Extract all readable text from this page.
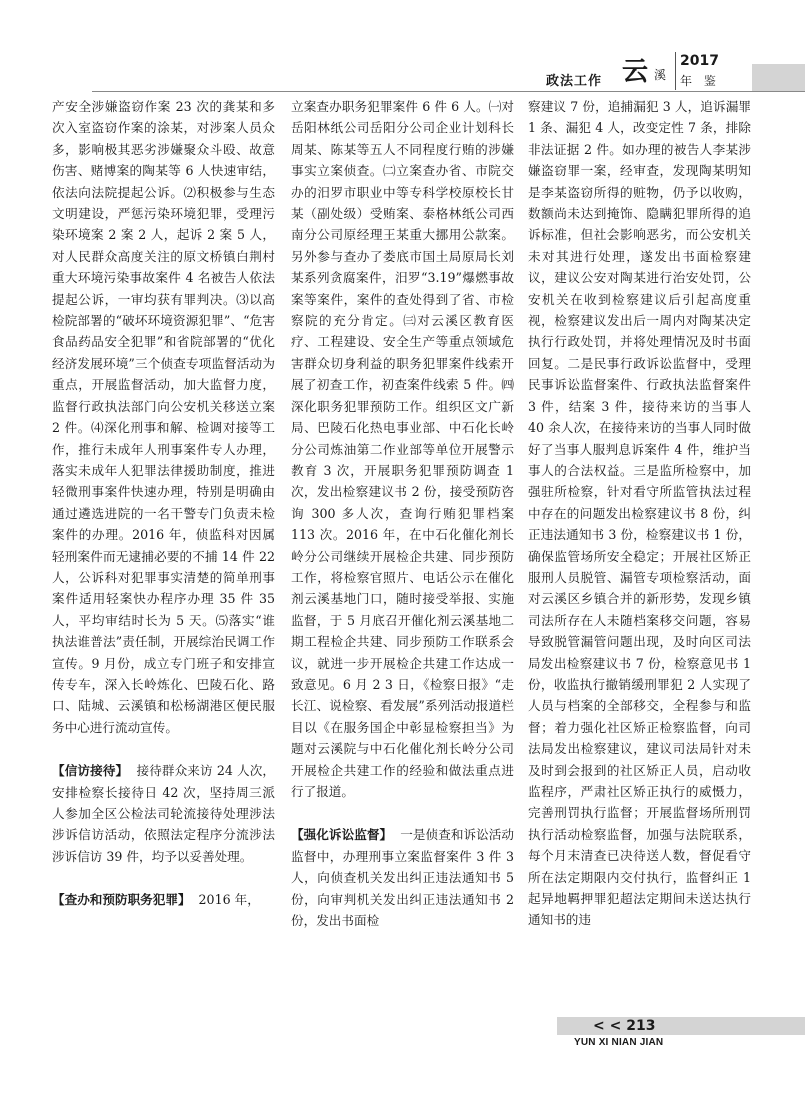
政法工作 云 溪
2017
年 鉴

产安全涉嫌盗窃作案 23 次的龚某和多次入室盗窃作案的涂某，对涉案人员众多，影响极其恶劣涉嫌聚众斗殴、故意伤害、赌博案的陶某等 6 人快速审结，依法向法院提起公诉。⑵积极参与生态文明建设，严惩污染环境犯罪，受理污染环境案 2 案 2 人，起诉 2 案 5 人，对人民群众高度关注的原文桥镇白荆村重大环境污染事故案件 4 名被告人依法提起公诉，一审均获有罪判决。⑶以高检院部署的“破坏环境资源犯罪”、“危害食品药品安全犯罪”和省院部署的“优化经济发展环境”三个侦查专项监督活动为重点，开展监督活动，加大监督力度，监督行政执法部门向公安机关移送立案 2 件。⑷深化刑事和解、检调对接等工作，推行未成年人刑事案件专人办理，落实未成年人犯罪法律援助制度，推进轻微刑事案件快速办理，特别是明确由通过遴选进院的一名干警专门负责未检案件的办理。2016 年，侦监科对因属轻刑案件而无逮捕必要的不捕 14 件 22 人，公诉科对犯罪事实清楚的简单刑事案件适用轻案快办程序办理 35 件 35 人，平均审结时长为 5 天。⑸落实“谁执法谁普法”责任制，开展综治民调工作宣传。9 月份，成立专门班子和安排宣传专车，深入长岭炼化、巴陵石化、路口、陆城、云溪镇和松杨湖港区便民服务中心进行流动宣传。

【信访接待】 接待群众来访 24 人次，安排检察长接待日 42 次，坚持周三派人参加全区公检法司轮流接待处理涉法涉诉信访活动，依照法定程序分流涉法涉诉信访 39 件，均予以妥善处理。

【查办和预防职务犯罪】 2016 年，

立案查办职务犯罪案件 6 件 6 人。㈠对岳阳林纸公司岳阳分公司企业计划科长周某、陈某等五人不同程度行贿的涉嫌事实立案侦查。㈡立案查办省、市院交办的汨罗市职业中等专科学校原校长甘某（副处级）受贿案、泰格林纸公司西南分公司原经理王某重大挪用公款案。另外参与查办了娄底市国土局原局长刘某系列贪腐案件，汨罗“3.19”爆燃事故案等案件，案件的查处得到了省、市检察院的充分肯定。㈢对云溪区教育医疗、工程建设、安全生产等重点领域危害群众切身利益的职务犯罪案件线索开展了初查工作，初查案件线索 5 件。㈣深化职务犯罪预防工作。组织区文广新局、巴陵石化热电事业部、中石化长岭分公司炼油第二作业部等单位开展警示教育 3 次，开展职务犯罪预防调查 1 次，发出检察建议书 2 份，接受预防咨询 300 多人次，查询行贿犯罪档案 113 次。2016 年，在中石化催化剂长岭分公司继续开展检企共建、同步预防工作，将检察官照片、电话公示在催化剂云溪基地门口，随时接受举报、实施监督，于 5 月底召开催化剂云溪基地二期工程检企共建、同步预防工作联系会议，就进一步开展检企共建工作达成一致意见。6 月 2 3 日，《检察日报》“走长江、说检察、看发展”系列活动报道栏目以《在服务国企中彰显检察担当》为题对云溪院与中石化催化剂长岭分公司开展检企共建工作的经验和做法重点进行了报道。

【强化诉讼监督】 一是侦查和诉讼活动监督中，办理刑事立案监督案件 3 件 3 人，向侦查机关发出纠正违法通知书 5 份，向审判机关发出纠正违法通知书 2 份，发出书面检

察建议 7 份，追捕漏犯 3 人，追诉漏罪 1 条、漏犯 4 人，改变定性 7 条，排除非法证据 2 件。如办理的被告人李某涉嫌盗窃罪一案，经审查，发现陶某明知是李某盗窃所得的赃物，仍予以收购，数额尚未达到掩饰、隐瞒犯罪所得的追诉标准，但社会影响恶劣，而公安机关未对其进行处理，遂发出书面检察建议，建议公安对陶某进行治安处罚，公安机关在收到检察建议后引起高度重视，检察建议发出后一周内对陶某决定执行行政处罚，并将处理情况及时书面回复。二是民事行政诉讼监督中，受理民事诉讼监督案件、行政执法监督案件 3 件，结案 3 件，接待来访的当事人 40 余人次，在接待来访的当事人同时做好了当事人服判息诉案件 4 件，维护当事人的合法权益。三是监所检察中，加强驻所检察，针对看守所监管执法过程中存在的问题发出检察建议书 8 份，纠正违法通知书 3 份，检察建议书 1 份，确保监管场所安全稳定；开展社区矫正服刑人员脱管、漏管专项检察活动，面对云溪区乡镇合并的新形势，发现乡镇司法所存在人未随档案移交问题，容易导致脱管漏管问题出现，及时向区司法局发出检察建议书 7 份，检察意见书 1 份，收监执行撤销缓刑罪犯 2 人实现了人员与档案的全部移交，全程参与和监督；着力强化社区矫正检察监督，向司法局发出检察建议，建议司法局针对未及时到会报到的社区矫正人员，启动收监程序，严肃社区矫正执行的威慑力，完善刑罚执行监督；开展监督场所刑罚执行活动检察监督，加强与法院联系，每个月末清查已决待送人数，督促看守所在法定期限内交付执行，监督纠正 1 起异地羁押罪犯超法定期间未送达执行通知书的违

< < 213
YUN XI NIAN JIAN
